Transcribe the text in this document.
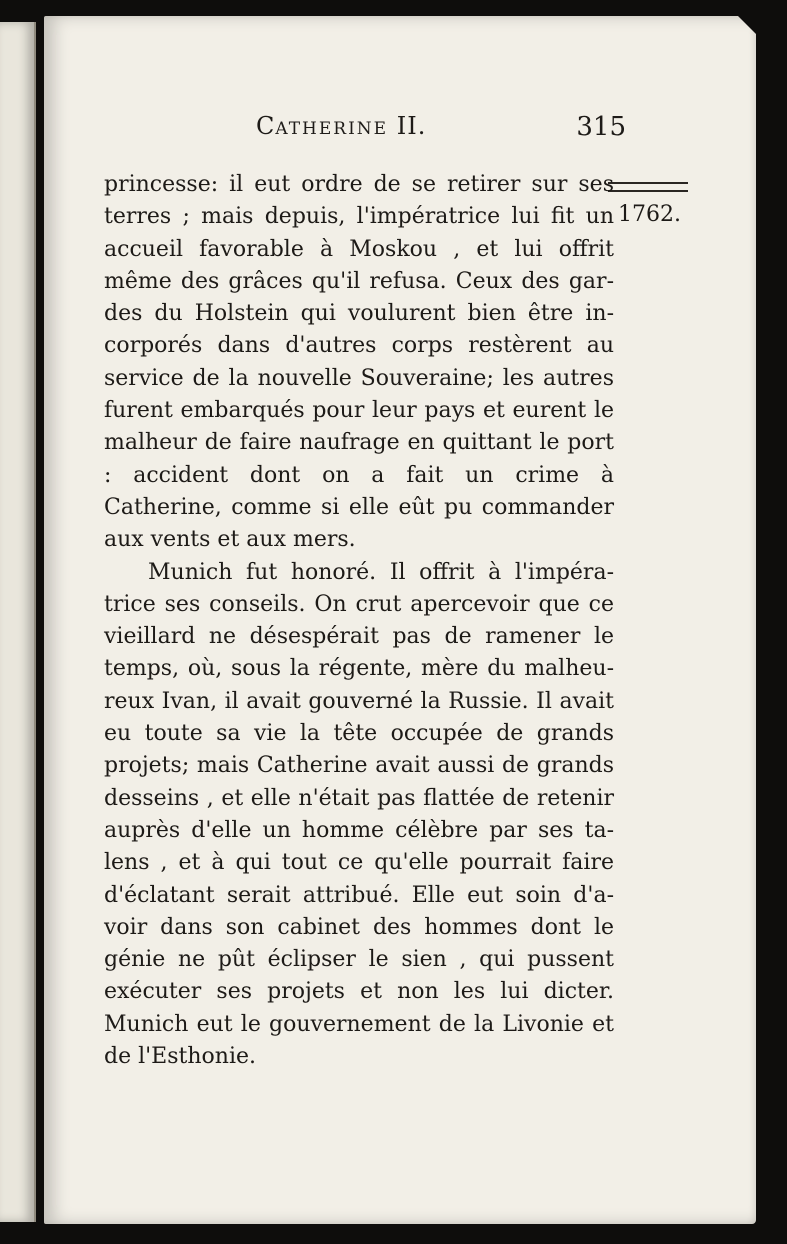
CATHERINE II.	315
1762.

princesse: il eut ordre de se retirer sur ses terres ; mais depuis, l'impératrice lui fit un accueil favorable à Moskou , et lui offrit même des grâces qu'il refusa. Ceux des gardes du Holstein qui voulurent bien être incorporés dans d'autres corps restèrent au service de la nouvelle Souveraine; les autres furent embarqués pour leur pays et eurent le malheur de faire naufrage en quittant le port : accident dont on a fait un crime à Catherine, comme si elle eût pu commander aux vents et aux mers.

Munich fut honoré. Il offrit à l'impératrice ses conseils. On crut apercevoir que ce vieillard ne désespérait pas de ramener le temps, où, sous la régente, mère du malheureux Ivan, il avait gouverné la Russie. Il avait eu toute sa vie la tête occupée de grands projets; mais Catherine avait aussi de grands desseins , et elle n'était pas flattée de retenir auprès d'elle un homme célèbre par ses talens , et à qui tout ce qu'elle pourrait faire d'éclatant serait attribué. Elle eut soin d'avoir dans son cabinet des hommes dont le génie ne pût éclipser le sien , qui pussent exécuter ses projets et non les lui dicter. Munich eut le gouvernement de la Livonie et de l'Esthonie.
